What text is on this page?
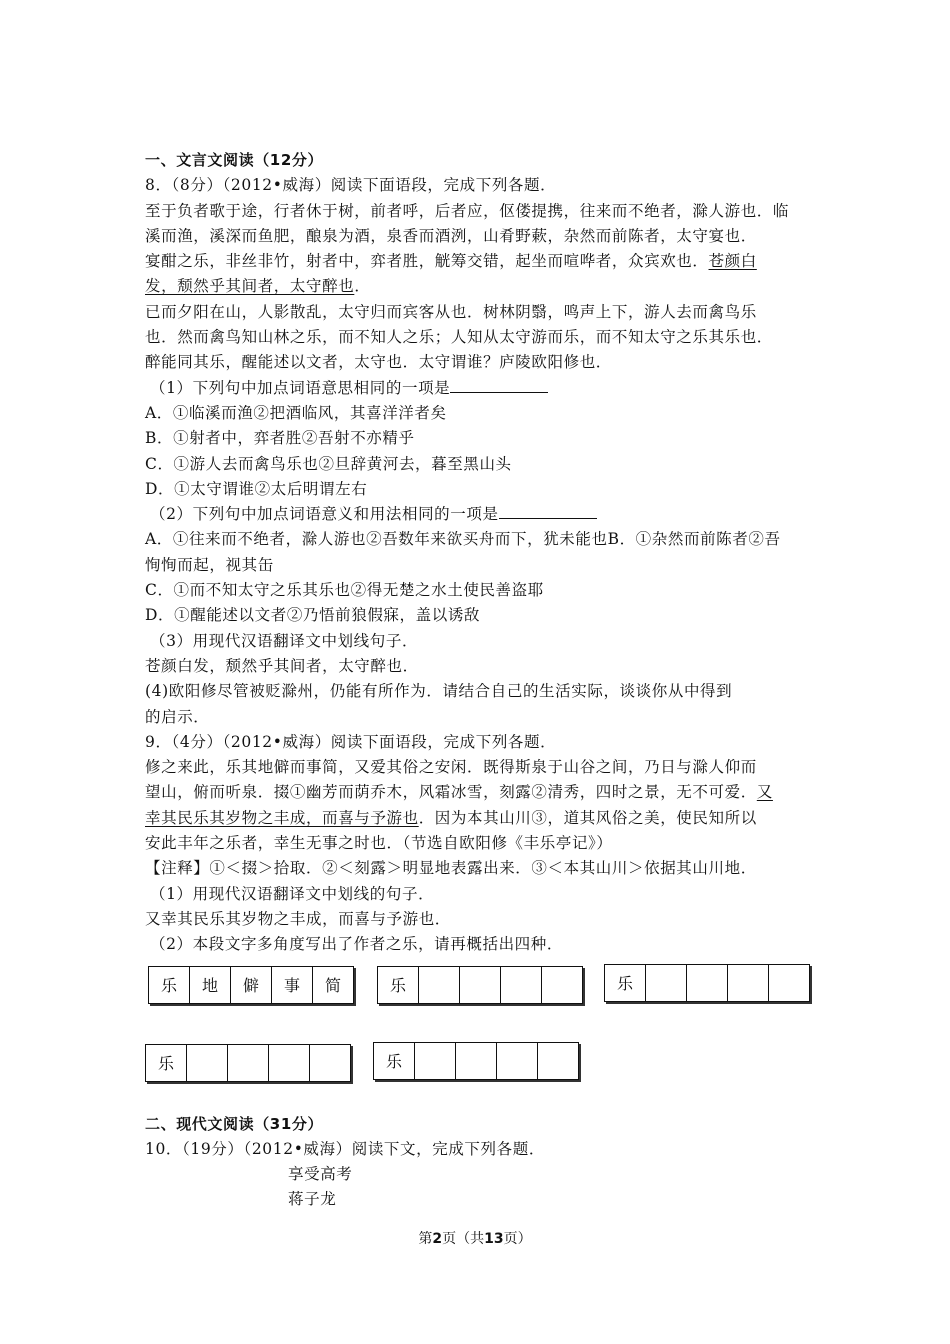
一、文言文阅读（12分）
8．（8分）（2012•威海）阅读下面语段，完成下列各题．
至于负者歌于途，行者休于树，前者呼，后者应，伛偻提携，往来而不绝者，滁人游也．临
溪而渔，溪深而鱼肥，酿泉为酒，泉香而酒洌，山肴野蔌，杂然而前陈者，太守宴也．
宴酣之乐，非丝非竹，射者中，弈者胜，觥筹交错，起坐而喧哗者，众宾欢也．苍颜白
发，颓然乎其间者，太守醉也．
已而夕阳在山，人影散乱，太守归而宾客从也．树林阴翳，鸣声上下，游人去而禽鸟乐
也．然而禽鸟知山林之乐，而不知人之乐；人知从太守游而乐，而不知太守之乐其乐也．
醉能同其乐，醒能述以文者，太守也．太守谓谁？庐陵欧阳修也．
（1）下列句中加点词语意思相同的一项是
A．①临溪而渔②把酒临风，其喜洋洋者矣
B．①射者中，弈者胜②吾射不亦精乎
C．①游人去而禽鸟乐也②旦辞黄河去，暮至黑山头
D．①太守谓谁②太后明谓左右
（2）下列句中加点词语意义和用法相同的一项是
A．①往来而不绝者，滁人游也②吾数年来欲买舟而下，犹未能也B．①杂然而前陈者②吾
恂恂而起，视其缶
C．①而不知太守之乐其乐也②得无楚之水土使民善盗耶
D．①醒能述以文者②乃悟前狼假寐，盖以诱敌
（3）用现代汉语翻译文中划线句子．
苍颜白发，颓然乎其间者，太守醉也．
(4)欧阳修尽管被贬滁州，仍能有所作为．请结合自己的生活实际，谈谈你从中得到
的启示．
9．（4分）（2012•威海）阅读下面语段，完成下列各题．
修之来此，乐其地僻而事简，又爱其俗之安闲．既得斯泉于山谷之间，乃日与滁人仰而
望山，俯而听泉．掇①幽芳而荫乔木，风霜冰雪，刻露②清秀，四时之景，无不可爱．又
幸其民乐其岁物之丰成，而喜与予游也．因为本其山川③，道其风俗之美，使民知所以
安此丰年之乐者，幸生无事之时也．（节选自欧阳修《丰乐亭记》）
【注释】①＜掇＞拾取．②＜刻露＞明显地表露出来．③＜本其山川＞依据其山川地．
（1）用现代汉语翻译文中划线的句子．
又幸其民乐其岁物之丰成，而喜与予游也．
（2）本段文字多角度写出了作者之乐，请再概括出四种．
乐	地	僻	事	简	乐	乐
乐	乐
二、现代文阅读（31分）
10．（19分）（2012•威海）阅读下文，完成下列各题．
享受高考
蒋子龙
第2页（共13页）
